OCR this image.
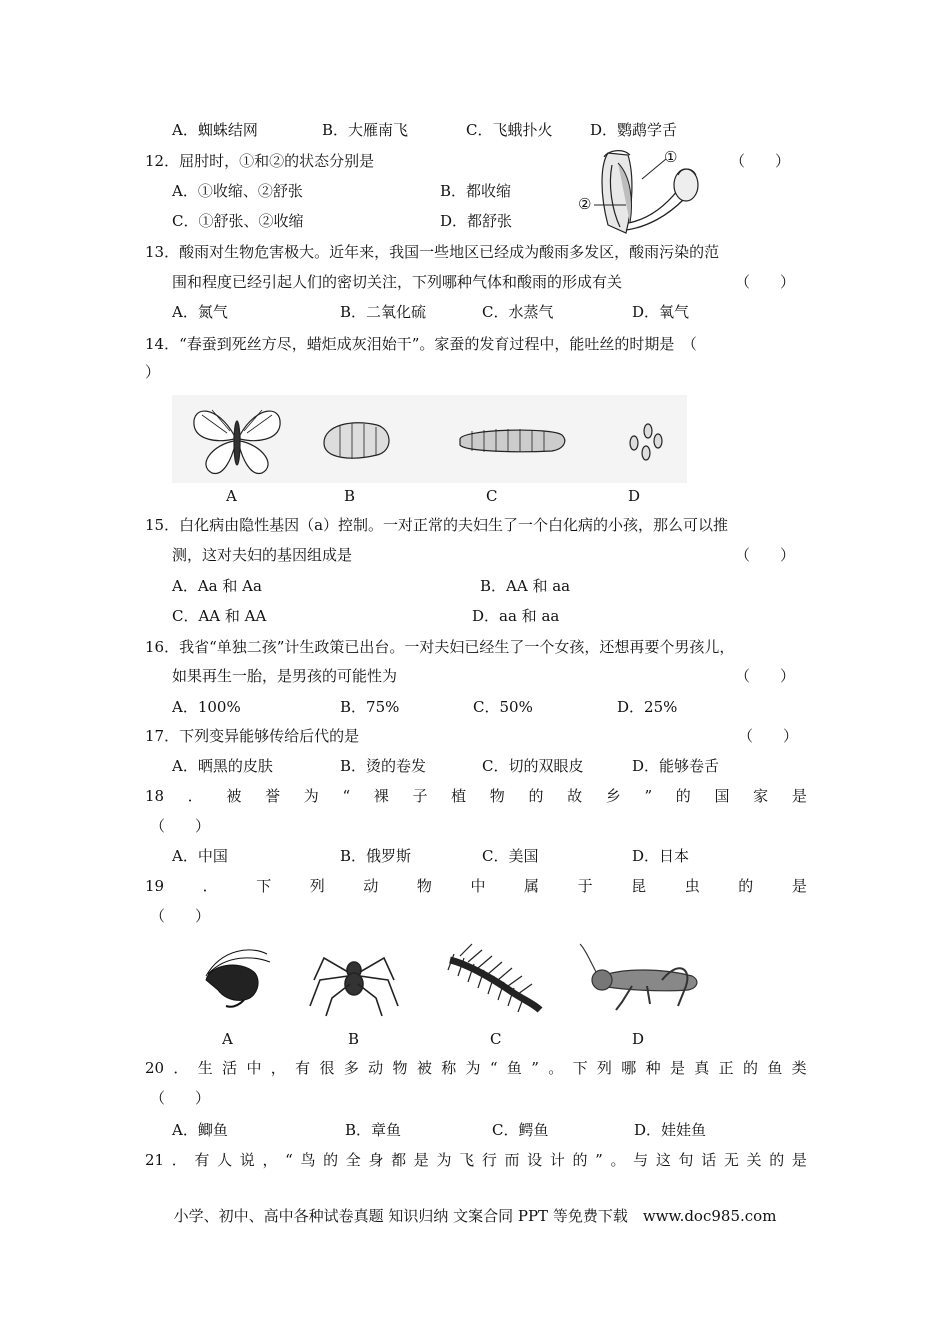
A．蜘蛛结网	B．大雁南飞	C．飞蛾扑火	D．鹦鹉学舌
12．屈肘时，①和②的状态分别是	（　　）
A．①收缩、②舒张	B．都收缩
C．①舒张、②收缩	D．都舒张
①
②
13．酸雨对生物危害极大。近年来，我国一些地区已经成为酸雨多发区，酸雨污染的范
围和程度已经引起人们的密切关注，下列哪种气体和酸雨的形成有关	（　　）
A．氮气	B．二氧化硫	C．水蒸气	D．氧气
14．“春蚕到死丝方尽，蜡炬成灰泪始干”。家蚕的发育过程中，能吐丝的时期是　（
）
A	B	C	D
15．白化病由隐性基因（a）控制。一对正常的夫妇生了一个白化病的小孩，那么可以推
测，这对夫妇的基因组成是	（　　）
A．Aa 和 Aa	B．AA 和 aa
C．AA 和 AA	D．aa 和 aa
16．我省“单独二孩”计生政策已出台。一对夫妇已经生了一个女孩，还想再要个男孩儿，
如果再生一胎，是男孩的可能性为	（　　）
A．100%	B．75%	C．50%	D．25%
17．下列变异能够传给后代的是	（　　）
A．晒黑的皮肤	B．烫的卷发	C．切的双眼皮	D．能够卷舌
18 ． 被 誉 为 “ 裸 子 植 物 的 故 乡 ” 的 国 家 是
（　　）
A．中国	B．俄罗斯	C．美国	D．日本
19	．	下	列	动	物	中	属	于	昆	虫	的	是
（　　）
A	B	C	D
20 ． 生 活 中 ， 有 很 多 动 物 被 称 为 “ 鱼 ” 。 下 列 哪 种 是 真 正 的 鱼 类
（　　）
A．鲫鱼	B．章鱼	C．鳄鱼	D．娃娃鱼
21 ． 有 人 说 ， “ 鸟 的 全 身 都 是 为 飞 行 而 设 计 的 ” 。 与 这 句 话 无 关 的 是
小学、初中、高中各种试卷真题 知识归纳 文案合同 PPT 等免费下载　www.doc985.com
